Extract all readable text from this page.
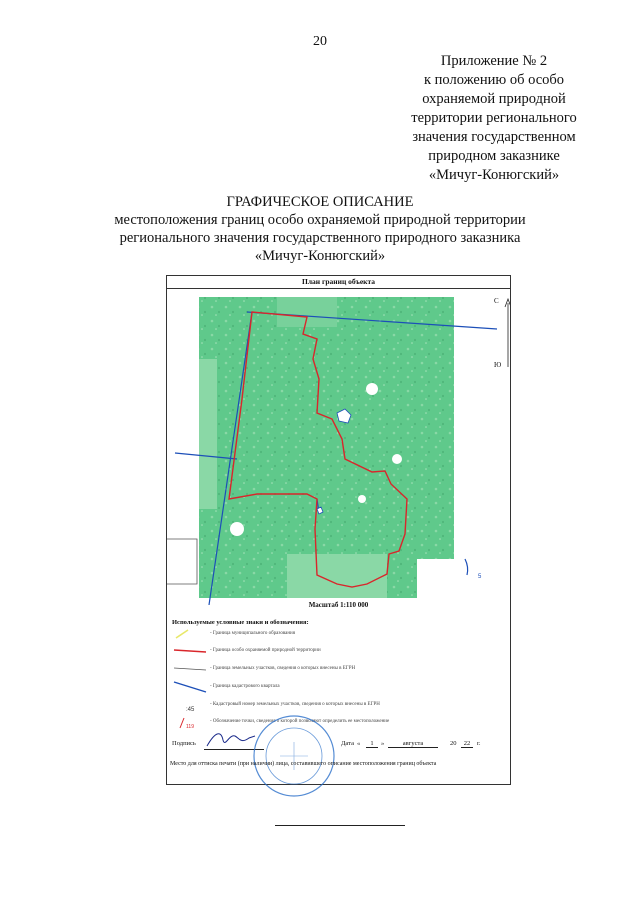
20
Приложение № 2
к положению об особо
охраняемой природной
территории регионального
значения государственном
природном заказнике
«Мичуг-Конюгский»
ГРАФИЧЕСКОЕ ОПИСАНИЕ
местоположения границ особо охраняемой природной территории
регионального значения государственного природного заказника
«Мичуг-Конюгский»
План границ объекта
С
Ю
5
Масштаб 1:110 000
Используемые условные знаки и обозначения:
:45
119
- Граница муниципального образования
- Граница особо охраняемой природной территории
- Граница земельных участков, сведения о которых внесены в ЕГРН
- Граница кадастрового квартала
- Кадастровый номер земельных участков, сведения о которых внесены в ЕГРН
- Обозначение точки, сведения о которой позволяют определить ее местоположение
Подпись	Дата «	1	»	августа	20	22	г.
Место для оттиска печати (при наличии) лица, составившего описание местоположения границ объекта
